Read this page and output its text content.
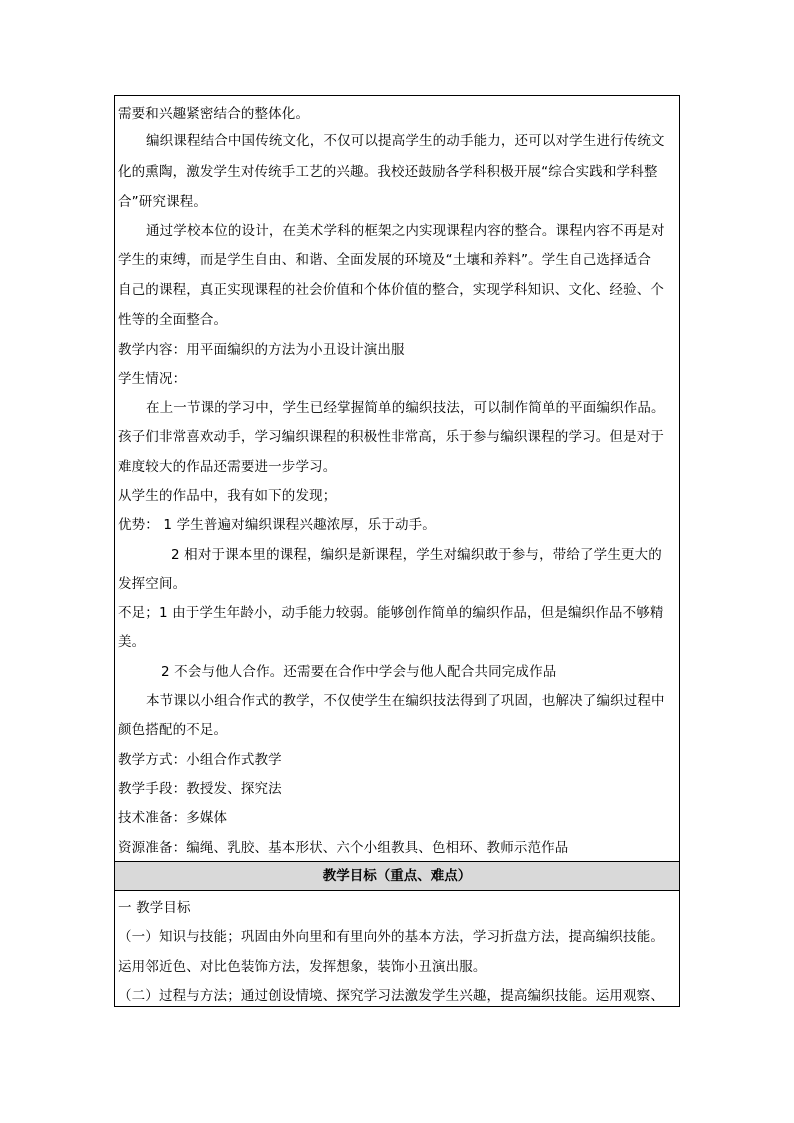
需要和兴趣紧密结合的整体化。
编织课程结合中国传统文化，不仅可以提高学生的动手能力，还可以对学生进行传统文
化的熏陶，激发学生对传统手工艺的兴趣。我校还鼓励各学科积极开展“综合实践和学科整
合”研究课程。
通过学校本位的设计，在美术学科的框架之内实现课程内容的整合。课程内容不再是对
学生的束缚，而是学生自由、和谐、全面发展的环境及“土壤和养料”。学生自己选择适合
自己的课程，真正实现课程的社会价值和个体价值的整合，实现学科知识、文化、经验、个
性等的全面整合。
教学内容：用平面编织的方法为小丑设计演出服
学生情况：
在上一节课的学习中，学生已经掌握简单的编织技法，可以制作简单的平面编织作品。
孩子们非常喜欢动手，学习编织课程的积极性非常高，乐于参与编织课程的学习。但是对于
难度较大的作品还需要进一步学习。
从学生的作品中，我有如下的发现；
优势： 1 学生普遍对编织课程兴趣浓厚，乐于动手。
2 相对于课本里的课程，编织是新课程，学生对编织敢于参与，带给了学生更大的
发挥空间。
不足；1 由于学生年龄小，动手能力较弱。能够创作简单的编织作品，但是编织作品不够精
美。
2 不会与他人合作。还需要在合作中学会与他人配合共同完成作品
本节课以小组合作式的教学，不仅使学生在编织技法得到了巩固，也解决了编织过程中
颜色搭配的不足。
教学方式：小组合作式教学
教学手段：教授发、探究法
技术准备：多媒体
资源准备：编绳、乳胶、基本形状、六个小组教具、色相环、教师示范作品
教学目标（重点、难点）
一 教学目标
（一）知识与技能；巩固由外向里和有里向外的基本方法，学习折盘方法，提高编织技能。
运用邻近色、对比色装饰方法，发挥想象，装饰小丑演出服。
（二）过程与方法；通过创设情境、探究学习法激发学生兴趣，提高编织技能。运用观察、
